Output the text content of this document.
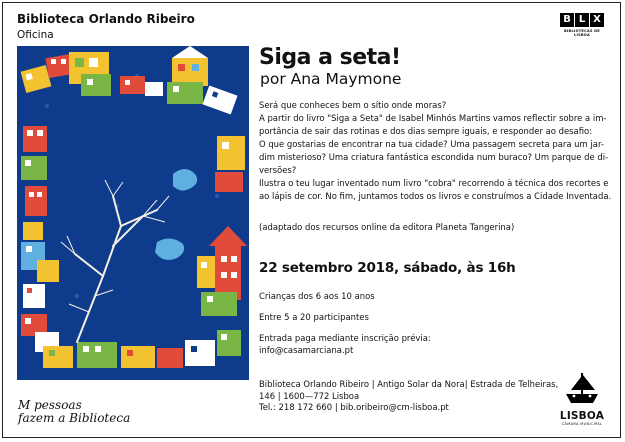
Biblioteca Orlando Ribeiro
Oficina
B L X
BIBLIOTECAS DE LISBOA
Siga a seta!
por Ana Maymone

Será que conheces bem o sítio onde moras?

A partir do livro "Siga a Seta" de Isabel Minhós Martins vamos reflectir sobre a im-portância de sair das rotinas e dos dias sempre iguais, e responder ao desafio:

O que gostarias de encontrar na tua cidade? Uma passagem secreta para um jar-dim misterioso? Uma criatura fantástica escondida num buraco? Um parque de di-versões?

Ilustra o teu lugar inventado num livro "cobra" recorrendo à técnica dos recortes e ao lápis de cor. No fim, juntamos todos os livros e construímos a Cidade Inventada.

(adaptado dos recursos online da editora Planeta Tangerina)
22 setembro 2018, sábado, às 16h
Crianças dos 6 aos 10 anos
Entre 5 a 20 participantes
Entrada paga mediante inscrição prévia:
info@casamarciana.pt
Biblioteca Orlando Ribeiro | Antigo Solar da Nora| Estrada de Telheiras,
146 | 1600—772 Lisboa
Tel.: 218 172 660 | bib.oribeiro@cm-lisboa.pt
LISBOA
CÂMARA MUNICIPAL
M pessoas
fazem a Biblioteca
